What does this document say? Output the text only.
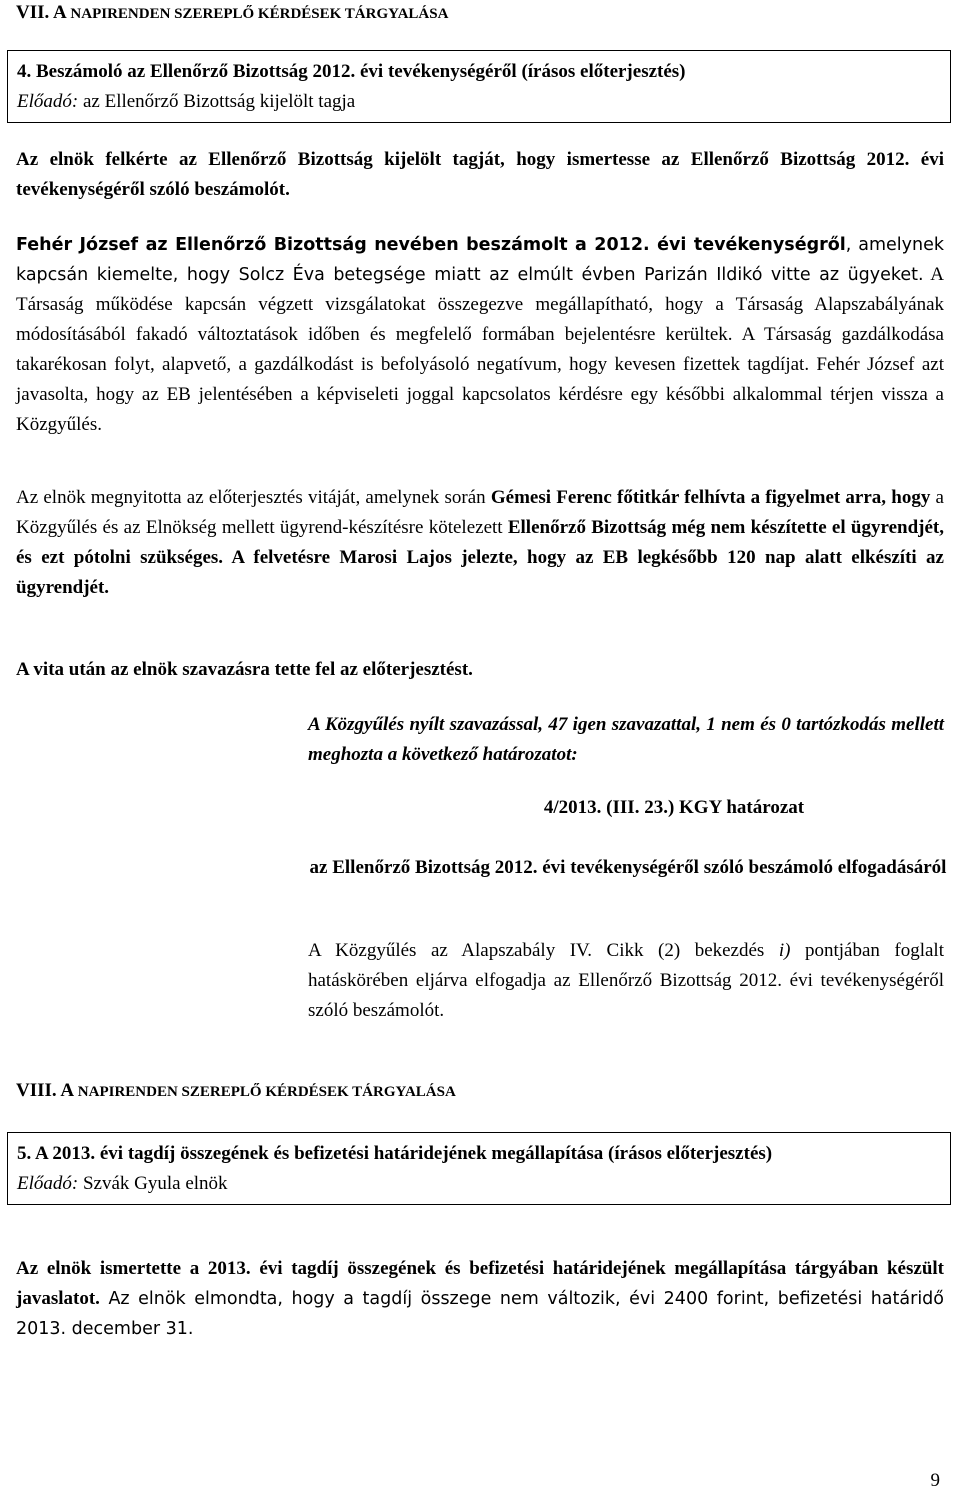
VII. A NAPIRENDEN SZEREPLŐ KÉRDÉSEK TÁRGYALÁSA
4. Beszámoló az Ellenőrző Bizottság 2012. évi tevékenységéről (írásos előterjesztés)
Előadó: az Ellenőrző Bizottság kijelölt tagja

Az elnök felkérte az Ellenőrző Bizottság kijelölt tagját, hogy ismertesse az Ellenőrző Bizottság 2012. évi tevékenységéről szóló beszámolót.

Fehér József az Ellenőrző Bizottság nevében beszámolt a 2012. évi tevékenységről, amelynek kapcsán kiemelte, hogy Solcz Éva betegsége miatt az elmúlt évben Parizán Ildikó vitte az ügyeket. A Társaság működése kapcsán végzett vizsgálatokat összegezve megállapítható, hogy a Társaság Alapszabályának módosításából fakadó változtatások időben és megfelelő formában bejelentésre kerültek. A Társaság gazdálkodása takarékosan folyt, alapvető, a gazdálkodást is befolyásoló negatívum, hogy kevesen fizettek tagdíjat. Fehér József azt javasolta, hogy az EB jelentésében a képviseleti joggal kapcsolatos kérdésre egy későbbi alkalommal térjen vissza a Közgyűlés.

Az elnök megnyitotta az előterjesztés vitáját, amelynek során Gémesi Ferenc főtitkár felhívta a figyelmet arra, hogy a Közgyűlés és az Elnökség mellett ügyrend-készítésre kötelezett Ellenőrző Bizottság még nem készítette el ügyrendjét, és ezt pótolni szükséges. A felvetésre Marosi Lajos jelezte, hogy az EB legkésőbb 120 nap alatt elkészíti az ügyrendjét.

A vita után az elnök szavazásra tette fel az előterjesztést.

A Közgyűlés nyílt szavazással, 47 igen szavazattal, 1 nem és 0 tartózkodás mellett meghozta a következő határozatot:
4/2013. (III. 23.) KGY határozat
az Ellenőrző Bizottság 2012. évi tevékenységéről szóló beszámoló elfogadásáról
A Közgyűlés az Alapszabály IV. Cikk (2) bekezdés i) pontjában foglalt hatáskörében eljárva elfogadja az Ellenőrző Bizottság 2012. évi tevékenységéről szóló beszámolót.
VIII. A NAPIRENDEN SZEREPLŐ KÉRDÉSEK TÁRGYALÁSA
5. A 2013. évi tagdíj összegének és befizetési határidejének megállapítása (írásos előterjesztés)
Előadó: Szvák Gyula elnök

Az elnök ismertette a 2013. évi tagdíj összegének és befizetési határidejének megállapítása tárgyában készült javaslatot. Az elnök elmondta, hogy a tagdíj összege nem változik, évi 2400 forint, befizetési határidő 2013. december 31.

9
